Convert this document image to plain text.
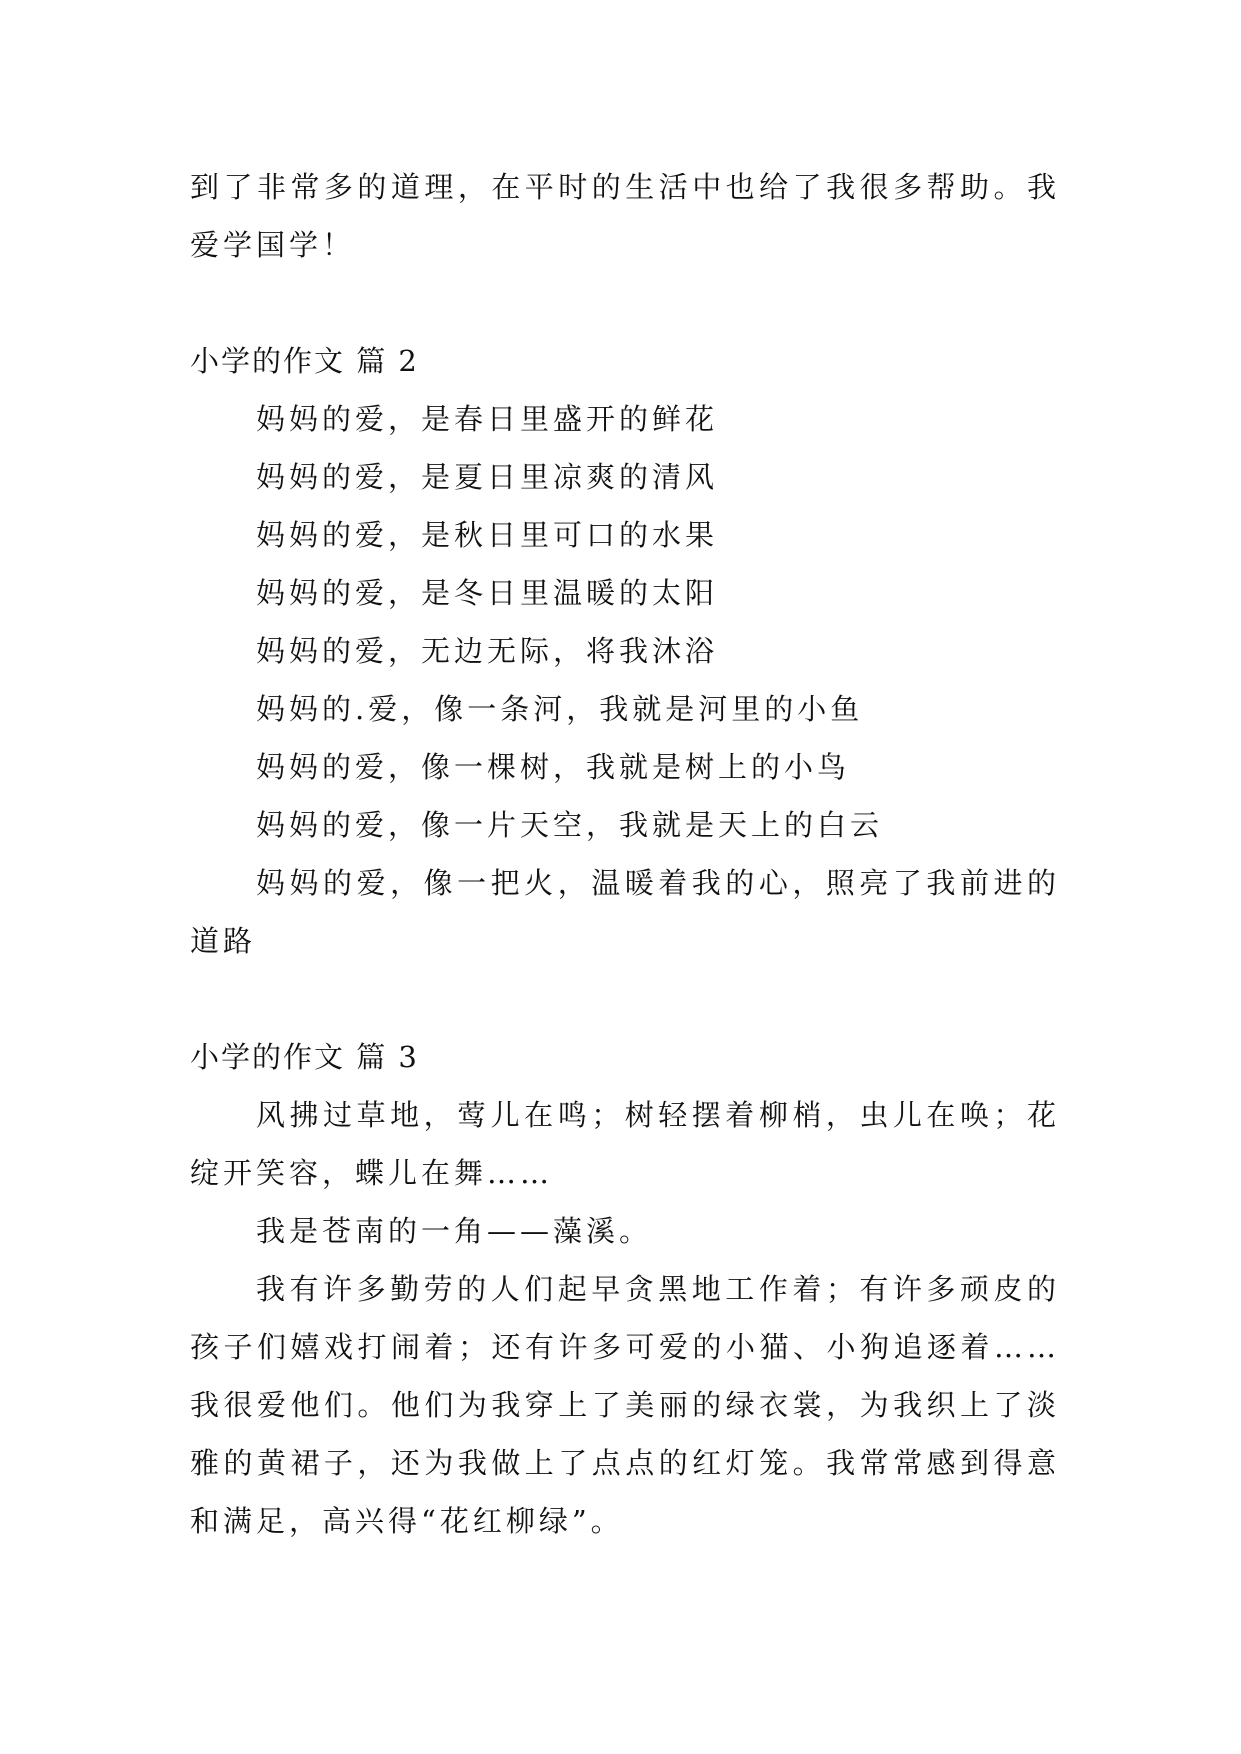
到了非常多的道理，在平时的生活中也给了我很多帮助。我
爱学国学！
小学的作文 篇 2
妈妈的爱，是春日里盛开的鲜花
妈妈的爱，是夏日里凉爽的清风
妈妈的爱，是秋日里可口的水果
妈妈的爱，是冬日里温暖的太阳
妈妈的爱，无边无际，将我沐浴
妈妈的.爱，像一条河，我就是河里的小鱼
妈妈的爱，像一棵树，我就是树上的小鸟
妈妈的爱，像一片天空，我就是天上的白云
妈妈的爱，像一把火，温暖着我的心，照亮了我前进的
道路
小学的作文 篇 3
风拂过草地，莺儿在鸣；树轻摆着柳梢，虫儿在唤；花
绽开笑容，蝶儿在舞……
我是苍南的一角——藻溪。
我有许多勤劳的人们起早贪黑地工作着；有许多顽皮的
孩子们嬉戏打闹着；还有许多可爱的小猫、小狗追逐着……
我很爱他们。他们为我穿上了美丽的绿衣裳，为我织上了淡
雅的黄裙子，还为我做上了点点的红灯笼。我常常感到得意
和满足，高兴得“花红柳绿”。
